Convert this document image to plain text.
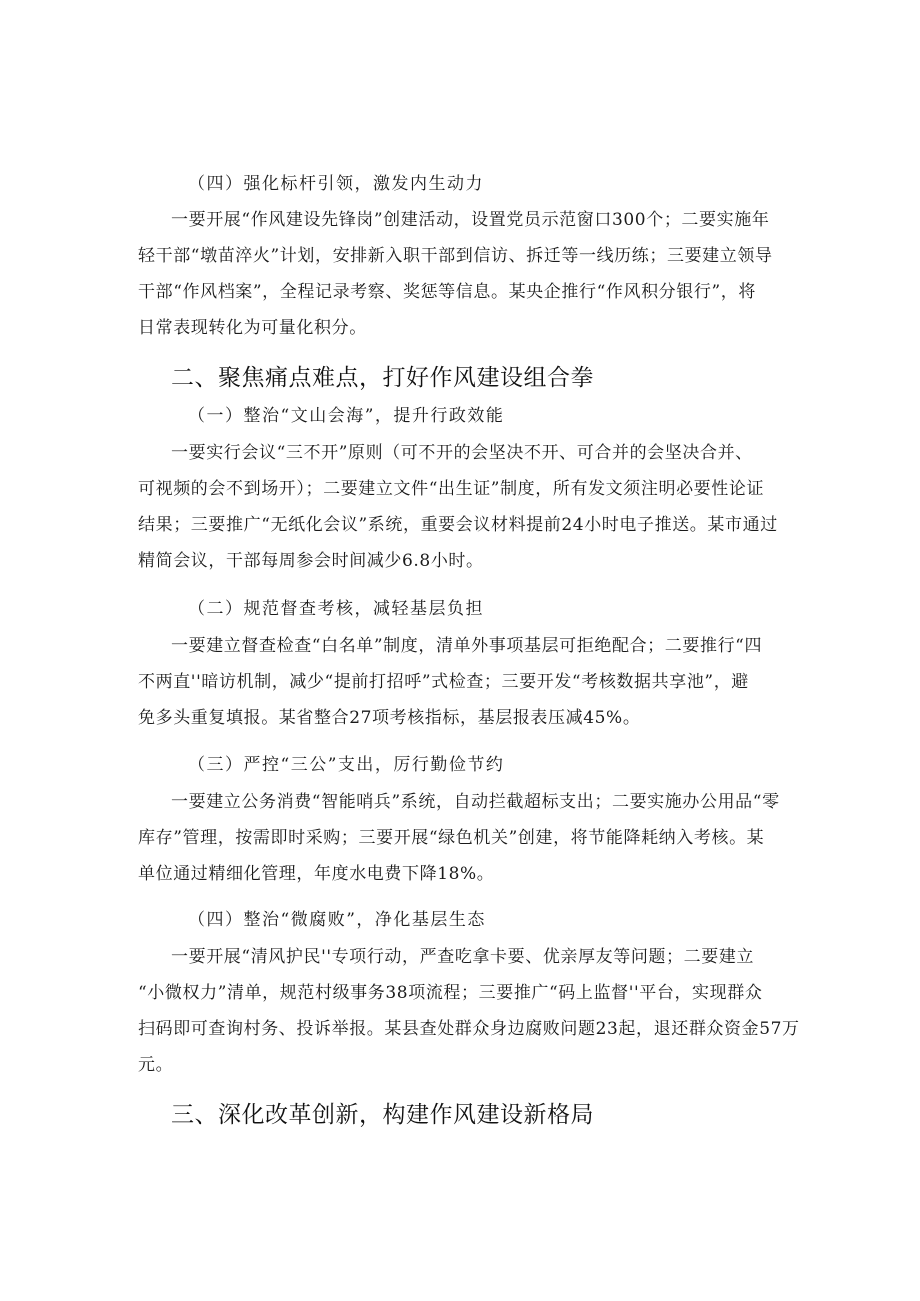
（四）强化标杆引领，激发内生动力
一要开展“作风建设先锋岗”创建活动，设置党员示范窗口300个；二要实施年
轻干部“墩苗淬火”计划，安排新入职干部到信访、拆迁等一线历练；三要建立领导
干部“作风档案”，全程记录考察、奖惩等信息。某央企推行“作风积分银行”，将
日常表现转化为可量化积分。
二、聚焦痛点难点，打好作风建设组合拳
（一）整治“文山会海”，提升行政效能
一要实行会议“三不开”原则（可不开的会坚决不开、可合并的会坚决合并、
可视频的会不到场开）；二要建立文件“出生证”制度，所有发文须注明必要性论证
结果；三要推广“无纸化会议”系统，重要会议材料提前24小时电子推送。某市通过
精简会议，干部每周参会时间减少6.8小时。
（二）规范督查考核，减轻基层负担
一要建立督查检查“白名单”制度，清单外事项基层可拒绝配合；二要推行“四
不两直''暗访机制，减少“提前打招呼”式检查；三要开发“考核数据共享池”，避
免多头重复填报。某省整合27项考核指标，基层报表压减45%。
（三）严控“三公”支出，厉行勤俭节约
一要建立公务消费“智能哨兵”系统，自动拦截超标支出；二要实施办公用品“零
库存”管理，按需即时采购；三要开展“绿色机关”创建，将节能降耗纳入考核。某
单位通过精细化管理，年度水电费下降18%。
（四）整治“微腐败”，净化基层生态
一要开展“清风护民''专项行动，严查吃拿卡要、优亲厚友等问题；二要建立
“小微权力”清单，规范村级事务38项流程；三要推广“码上监督''平台，实现群众
扫码即可查询村务、投诉举报。某县查处群众身边腐败问题23起，退还群众资金57万
元。
三、深化改革创新，构建作风建设新格局
